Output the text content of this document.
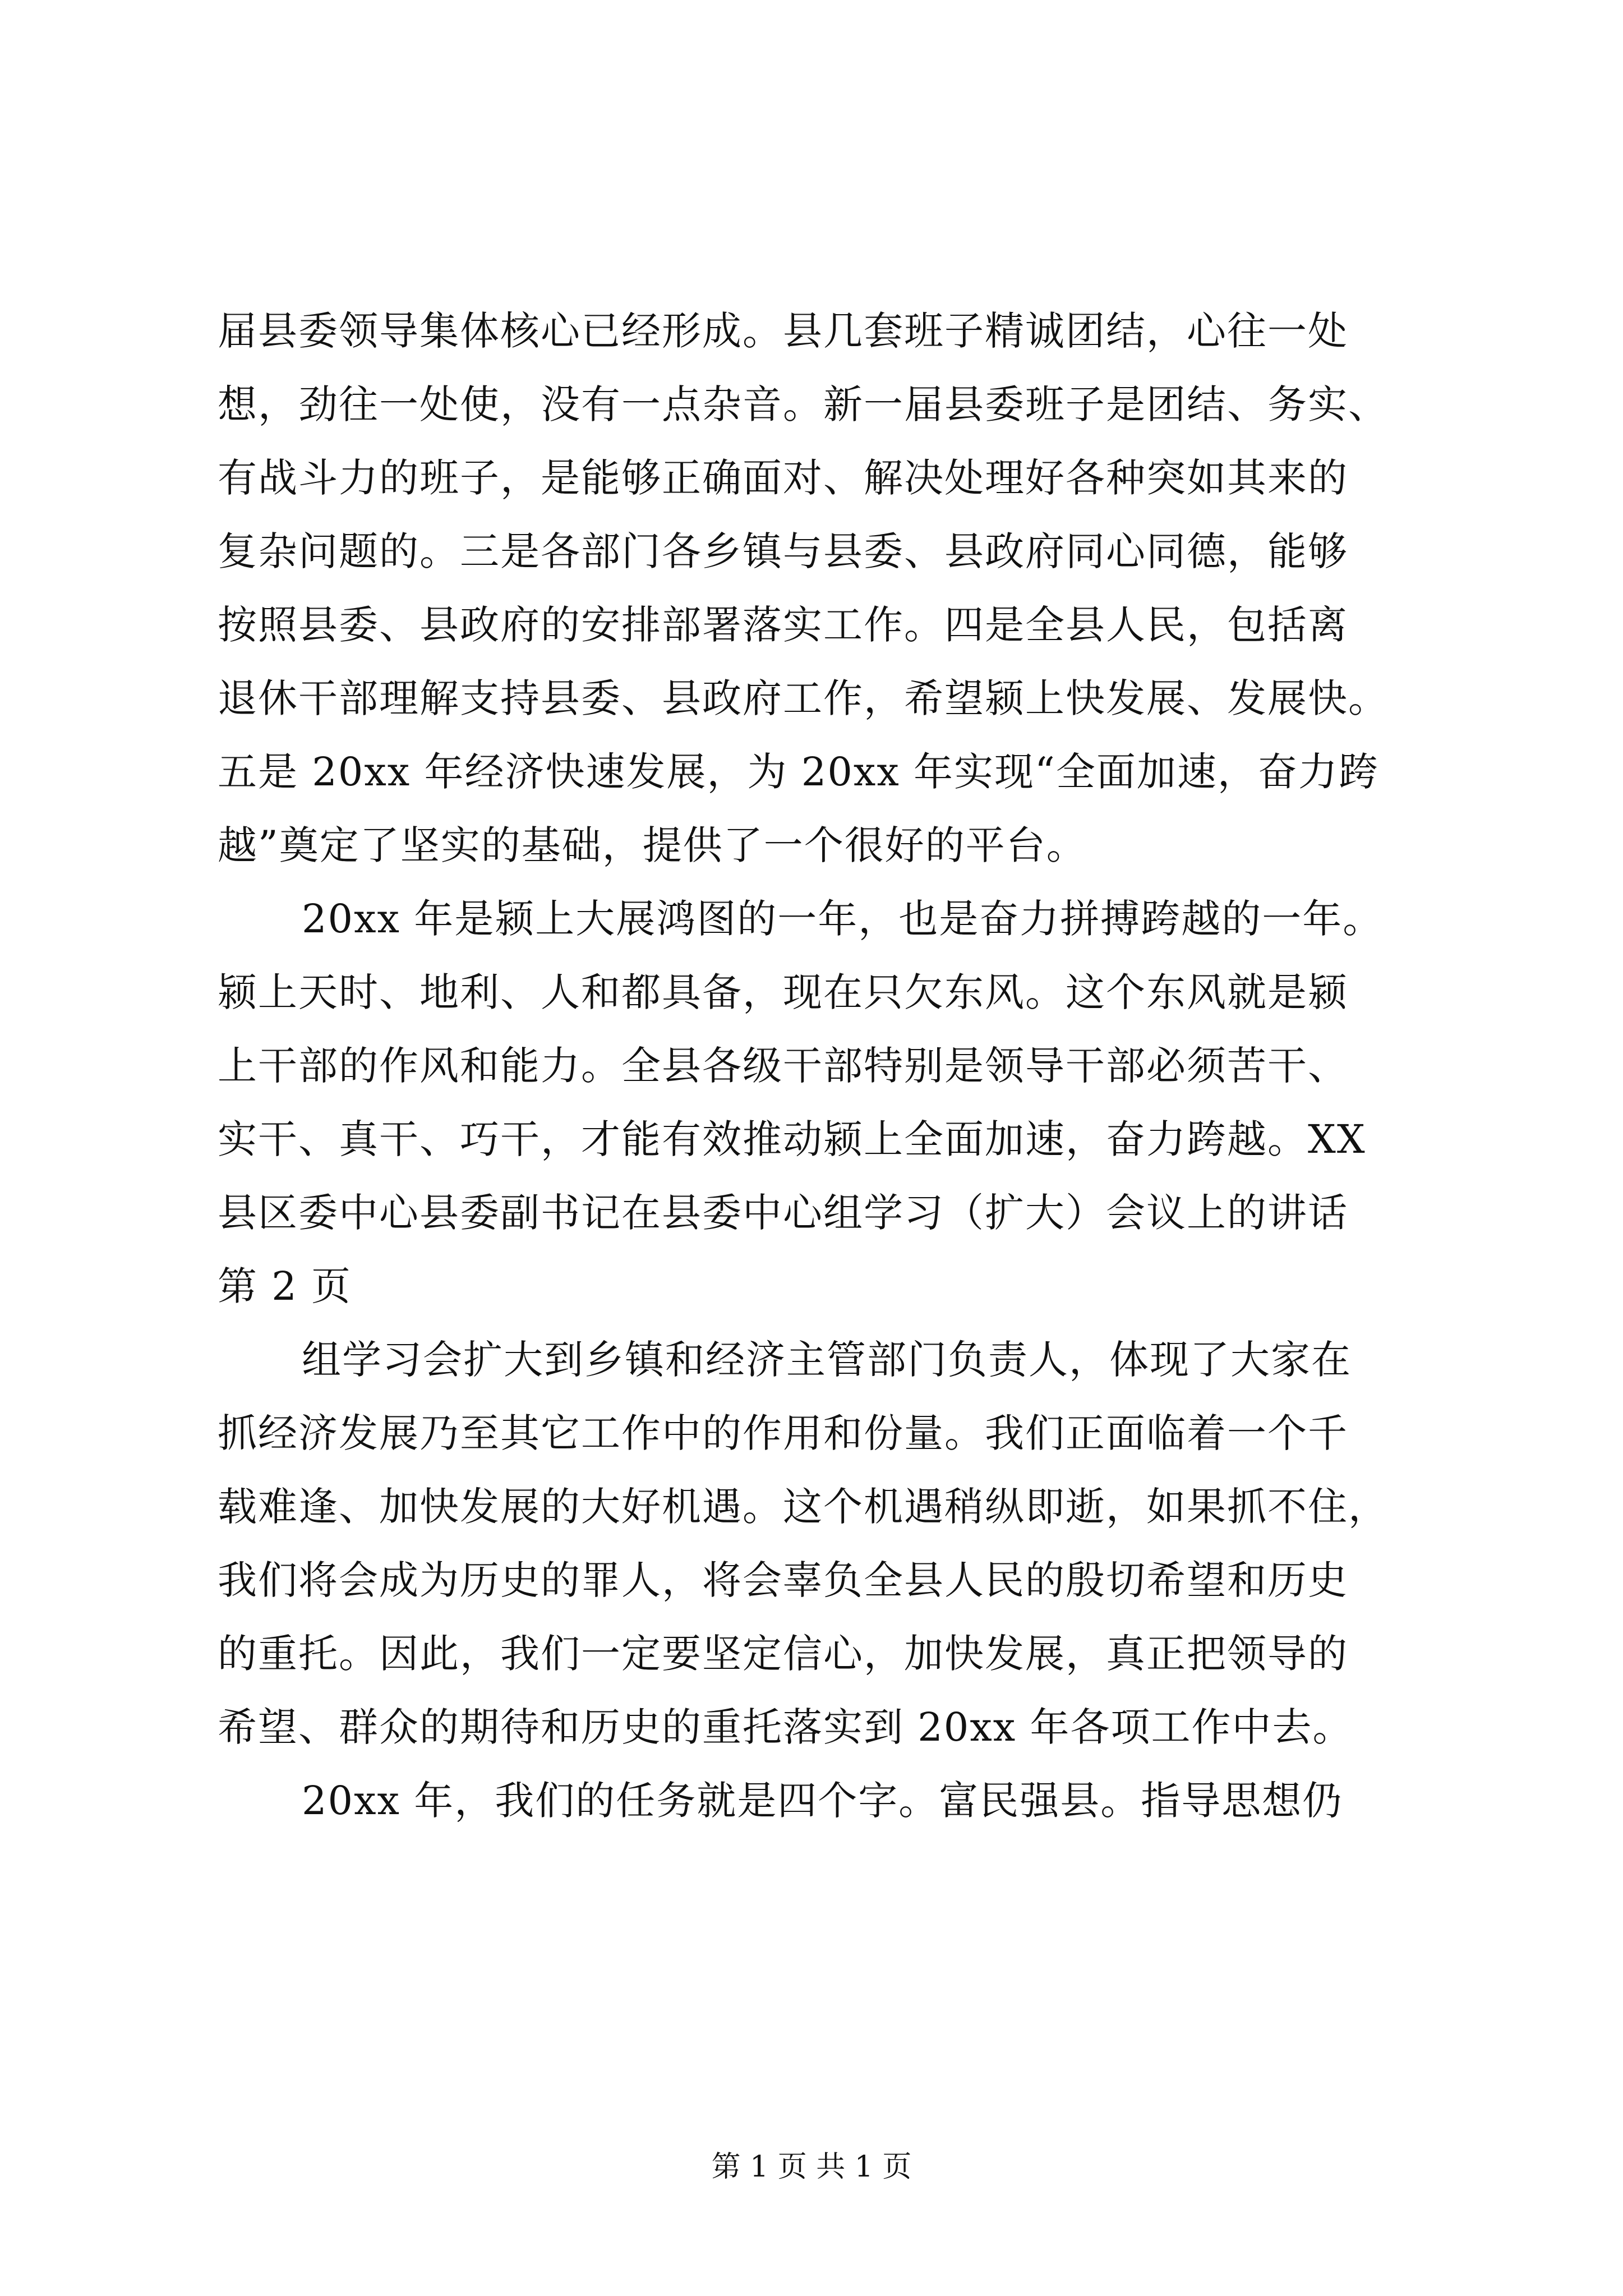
届县委领导集体核心已经形成。县几套班子精诚团结，心往一处
想，劲往一处使，没有一点杂音。新一届县委班子是团结、务实、
有战斗力的班子，是能够正确面对、解决处理好各种突如其来的
复杂问题的。三是各部门各乡镇与县委、县政府同心同德，能够
按照县委、县政府的安排部署落实工作。四是全县人民，包括离
退休干部理解支持县委、县政府工作，希望颍上快发展、发展快。
五是 20xx 年经济快速发展，为 20xx 年实现“全面加速，奋力跨
越”奠定了坚实的基础，提供了一个很好的平台。
20xx 年是颍上大展鸿图的一年，也是奋力拼搏跨越的一年。
颍上天时、地利、人和都具备，现在只欠东风。这个东风就是颍
上干部的作风和能力。全县各级干部特别是领导干部必须苦干、
实干、真干、巧干，才能有效推动颍上全面加速，奋力跨越。XX
县区委中心县委副书记在县委中心组学习（扩大）会议上的讲话
第 2 页
组学习会扩大到乡镇和经济主管部门负责人，体现了大家在
抓经济发展乃至其它工作中的作用和份量。我们正面临着一个千
载难逢、加快发展的大好机遇。这个机遇稍纵即逝，如果抓不住，
我们将会成为历史的罪人，将会辜负全县人民的殷切希望和历史
的重托。因此，我们一定要坚定信心，加快发展，真正把领导的
希望、群众的期待和历史的重托落实到 20xx 年各项工作中去。
20xx 年，我们的任务就是四个字。富民强县。指导思想仍
第 1 页 共 1 页
